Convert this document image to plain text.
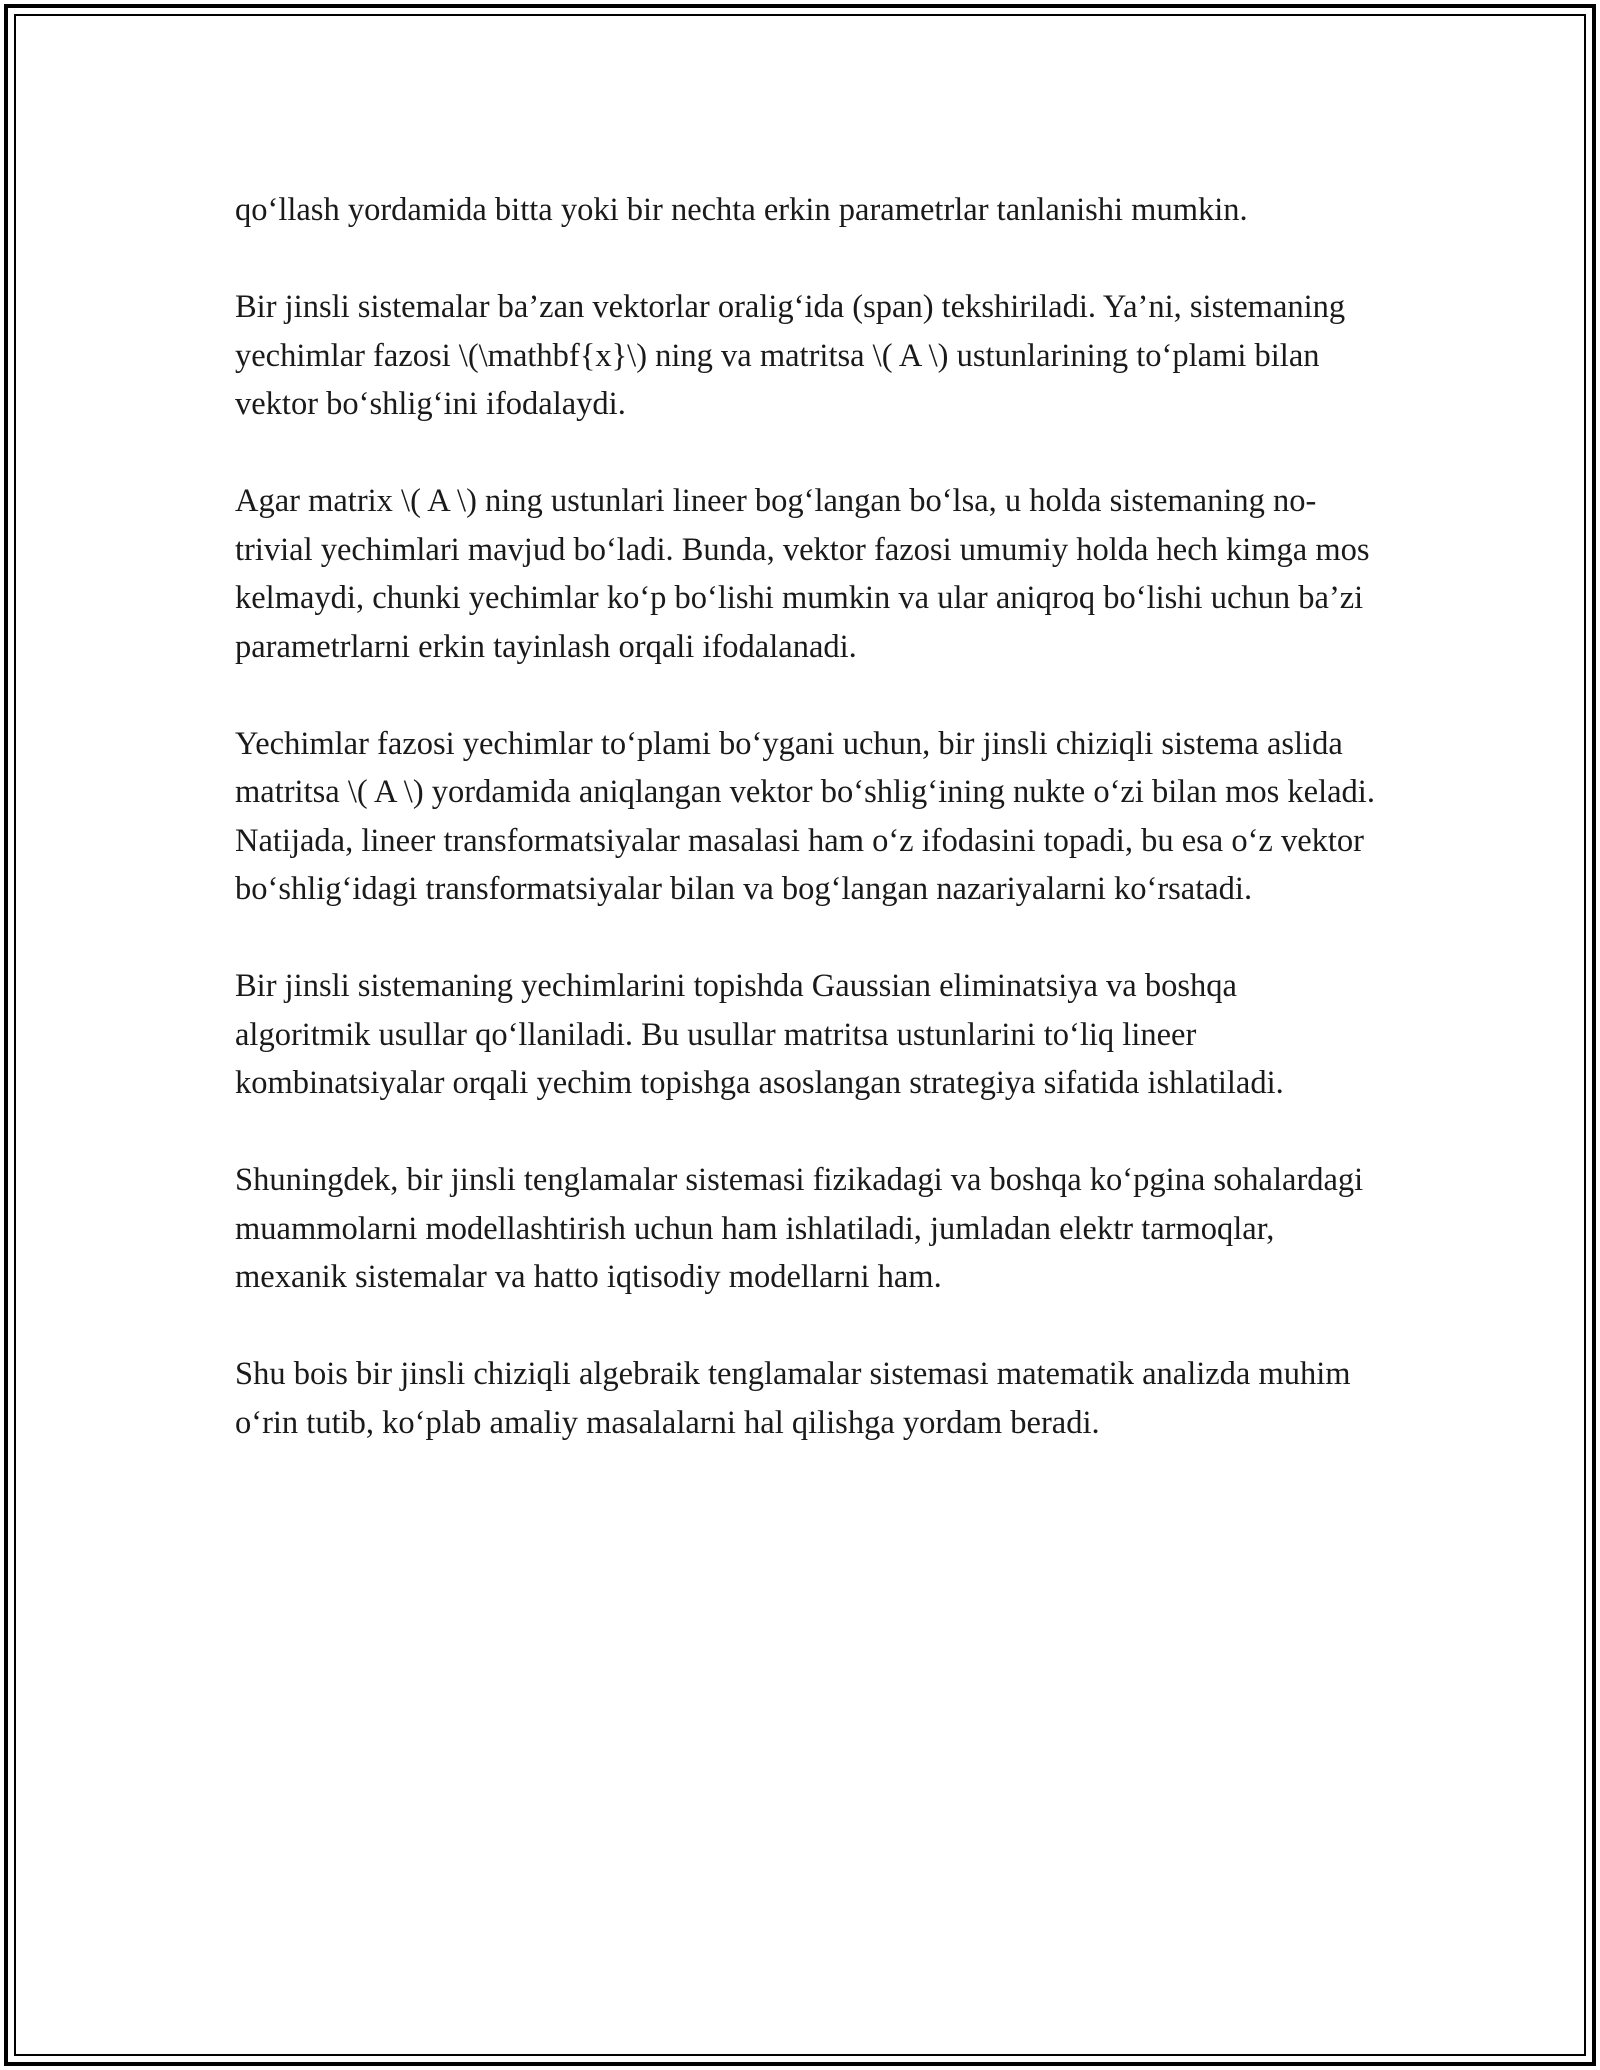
qo‘llash yordamida bitta yoki bir nechta erkin parametrlar tanlanishi mumkin.

Bir jinsli sistemalar ba’zan vektorlar oralig‘ida (span) tekshiriladi. Ya’ni, sistemaning yechimlar fazosi \(\mathbf{x}\) ning va matritsa \( A \) ustunlarining to‘plami bilan vektor bo‘shlig‘ini ifodalaydi.

Agar matrix \( A \) ning ustunlari lineer bog‘langan bo‘lsa, u holda sistemaning no-trivial yechimlari mavjud bo‘ladi. Bunda, vektor fazosi umumiy holda hech kimga mos kelmaydi, chunki yechimlar ko‘p bo‘lishi mumkin va ular aniqroq bo‘lishi uchun ba’zi parametrlarni erkin tayinlash orqali ifodalanadi.

Yechimlar fazosi yechimlar to‘plami bo‘ygani uchun, bir jinsli chiziqli sistema aslida matritsa \( A \) yordamida aniqlangan vektor bo‘shlig‘ining nukte o‘zi bilan mos keladi. Natijada, lineer transformatsiyalar masalasi ham o‘z ifodasini topadi, bu esa o‘z vektor bo‘shlig‘idagi transformatsiyalar bilan va bog‘langan nazariyalarni ko‘rsatadi.

Bir jinsli sistemaning yechimlarini topishda Gaussian eliminatsiya va boshqa algoritmik usullar qo‘llaniladi. Bu usullar matritsa ustunlarini to‘liq lineer kombinatsiyalar orqali yechim topishga asoslangan strategiya sifatida ishlatiladi.

Shuningdek, bir jinsli tenglamalar sistemasi fizikadagi va boshqa ko‘pgina sohalardagi muammolarni modellashtirish uchun ham ishlatiladi, jumladan elektr tarmoqlar, mexanik sistemalar va hatto iqtisodiy modellarni ham.

Shu bois bir jinsli chiziqli algebraik tenglamalar sistemasi matematik analizda muhim o‘rin tutib, ko‘plab amaliy masalalarni hal qilishga yordam beradi.
